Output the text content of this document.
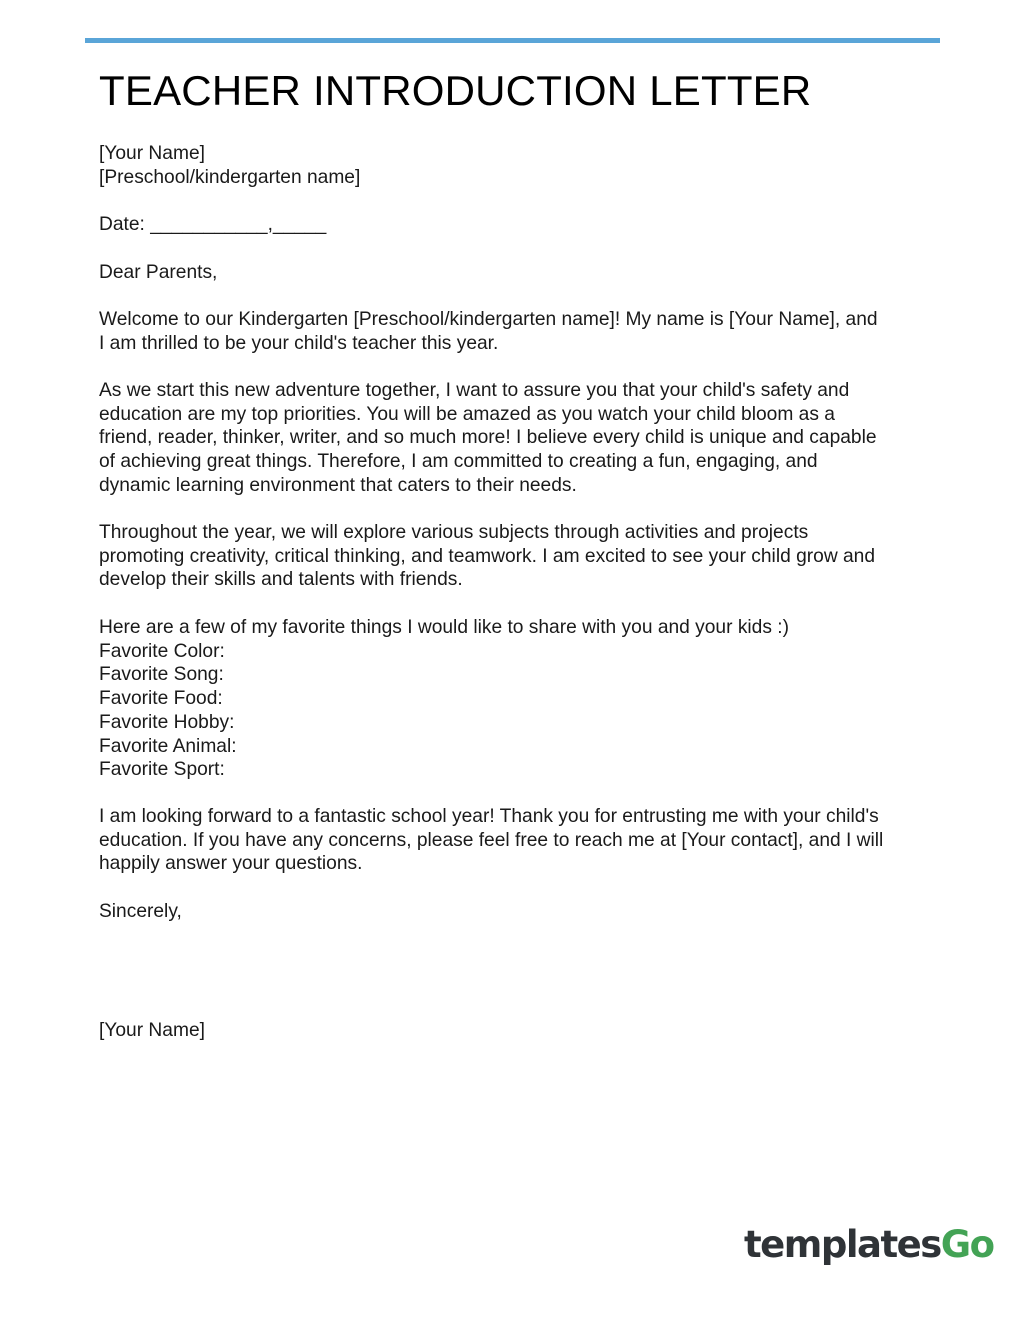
TEACHER INTRODUCTION LETTER
[Your Name]
[Preschool/kindergarten name]
Date: ___________,_____
Dear Parents,
Welcome to our Kindergarten [Preschool/kindergarten name]! My name is [Your Name], and
I am thrilled to be your child's teacher this year.
As we start this new adventure together, I want to assure you that your child's safety and
education are my top priorities. You will be amazed as you watch your child bloom as a
friend, reader, thinker, writer, and so much more! I believe every child is unique and capable
of achieving great things. Therefore, I am committed to creating a fun, engaging, and
dynamic learning environment that caters to their needs.
Throughout the year, we will explore various subjects through activities and projects
promoting creativity, critical thinking, and teamwork. I am excited to see your child grow and
develop their skills and talents with friends.
Here are a few of my favorite things I would like to share with you and your kids :)
Favorite Color:
Favorite Song:
Favorite Food:
Favorite Hobby:
Favorite Animal:
Favorite Sport:
I am looking forward to a fantastic school year! Thank you for entrusting me with your child's
education. If you have any concerns, please feel free to reach me at [Your contact], and I will
happily answer your questions.
Sincerely,
[Your Name]
templatesGo
